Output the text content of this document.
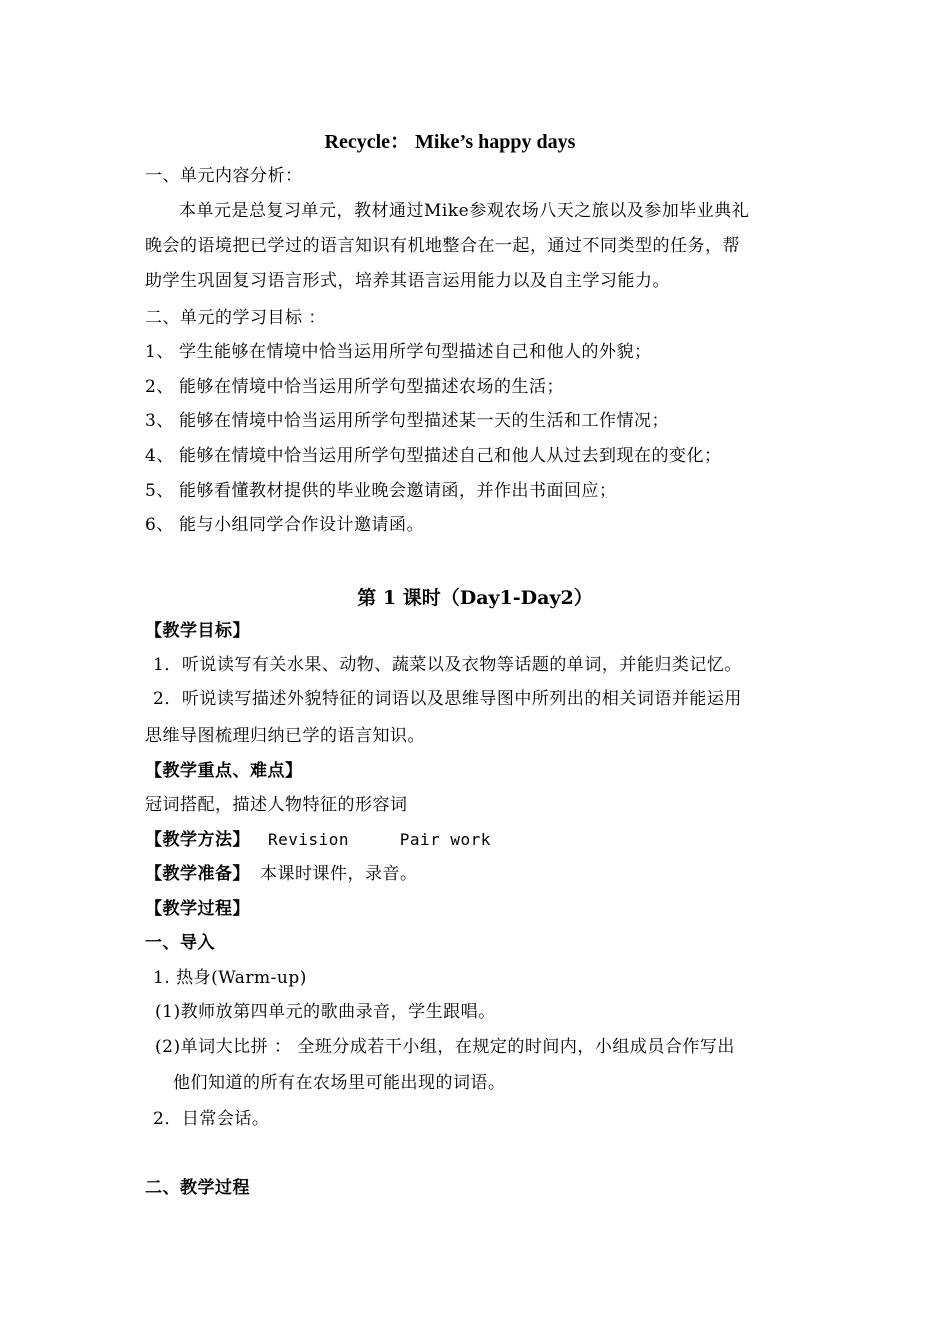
Recycle： Mike’s happy days
一、单元内容分析：
本单元是总复习单元，教材通过Mike参观农场八天之旅以及参加毕业典礼
晚会的语境把已学过的语言知识有机地整合在一起，通过不同类型的任务，帮
助学生巩固复习语言形式，培养其语言运用能力以及自主学习能力。
二、单元的学习目标 ：
1、 学生能够在情境中恰当运用所学句型描述自己和他人的外貌；
2、 能够在情境中恰当运用所学句型描述农场的生活；
3、 能够在情境中恰当运用所学句型描述某一天的生活和工作情况；
4、 能够在情境中恰当运用所学句型描述自己和他人从过去到现在的变化；
5、 能够看懂教材提供的毕业晚会邀请函，并作出书面回应；
6、 能与小组同学合作设计邀请函。
第 1 课时（Day1-Day2）
【教学目标】
1．听说读写有关水果、动物、蔬菜以及衣物等话题的单词，并能归类记忆。
2．听说读写描述外貌特征的词语以及思维导图中所列出的相关词语并能运用
思维导图梳理归纳已学的语言知识。
【教学重点、难点】
冠词搭配，描述人物特征的形容词
【教学方法】 Revision     Pair work
【教学准备】 本课时课件，录音。
【教学过程】
一、导入
1. 热身(Warm-up)
(1)教师放第四单元的歌曲录音，学生跟唱。
(2)单词大比拼 ： 全班分成若干小组，在规定的时间内，小组成员合作写出
他们知道的所有在农场里可能出现的词语。
2．日常会话。
二、教学过程
